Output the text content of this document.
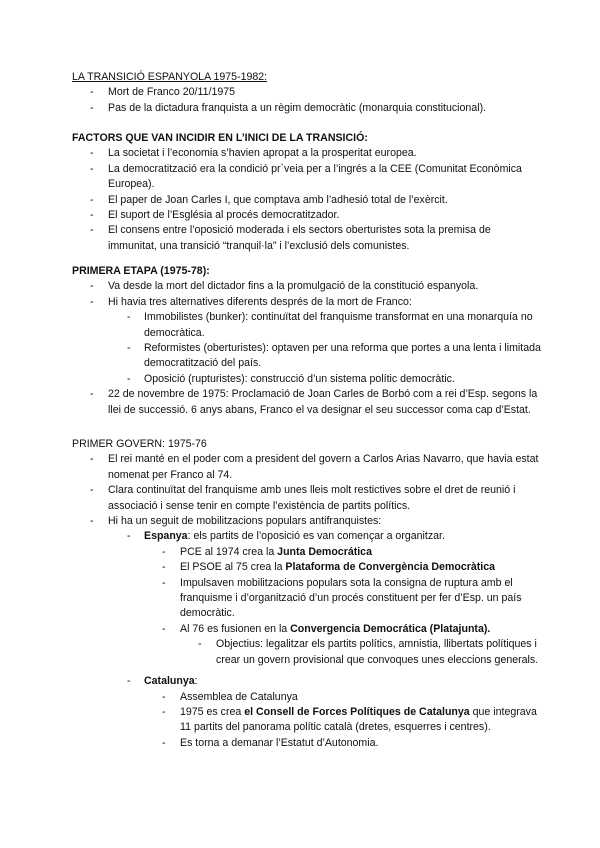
LA TRANSICIÓ ESPANYOLA 1975-1982:
- Mort de Franco 20/11/1975
- Pas de la dictadura franquista a un règim democràtic (monarquia constitucional).
FACTORS QUE VAN INCIDIR EN L’INICI DE LA TRANSICIÓ:
- La societat i l’economia s’havien apropat a la prosperitat europea.
- La democratització era la condició pr`veia per a l’ingrés a la CEE (Comunitat Econòmica Europea).
- El paper de Joan Carles I, que comptava amb l’adhesió total de l’exèrcit.
- El suport de l’Església al procés democratitzador.
- El consens entre l’oposició moderada i els sectors oberturistes sota la premisa de immunitat, una transició “tranquil·la” i l’exclusió dels comunistes.
PRIMERA ETAPA (1975-78):
- Va desde la mort del dictador fins a la promulgació de la constitució espanyola.
- Hi havia tres alternatives diferents després de la mort de Franco:
- Immobilistes (bunker): continuïtat del franquisme transformat en una monarquía no democràtica.
- Reformistes (oberturistes): optaven per una reforma que portes a una lenta i limitada democratització del país.
- Oposició (rupturistes): construcció d’un sistema polític democràtic.
- 22 de novembre de 1975: Proclamació de Joan Carles de Borbó com a rei d’Esp. segons la llei de successió. 6 anys abans, Franco el va designar el seu successor coma cap d’Estat.
PRIMER GOVERN: 1975-76
- El rei manté en el poder com a president del govern a Carlos Arias Navarro, que havia estat nomenat per Franco al 74.
- Clara continuïtat del franquisme amb unes lleis molt restictives sobre el dret de reunió i associació i sense tenir en compte l’existència de partits polítics.
- Hi ha un seguit de mobilitzacions populars antifranquistes:
- Espanya: els partits de l’oposició es van començar a organitzar.
- PCE al 1974 crea la Junta Democrática
- El PSOE al 75 crea la Plataforma de Convergència Democràtica
- Impulsaven mobilitzacions populars sota la consigna de ruptura amb el franquisme i d’organització d’un procés constituent per fer d’Esp. un país democràtic.
- Al 76 es fusionen en la Convergencia Democrática (Platajunta).
- Objectius: legalitzar els partits polítics, amnistia, llibertats polítiques i crear un govern provisional que convoques unes eleccions generals.
- Catalunya:
- Assemblea de Catalunya
- 1975 es crea el Consell de Forces Polítiques de Catalunya que integrava 11 partits del panorama polític català (dretes, esquerres i centres).
- Es torna a demanar l’Estatut d’Autonomia.
